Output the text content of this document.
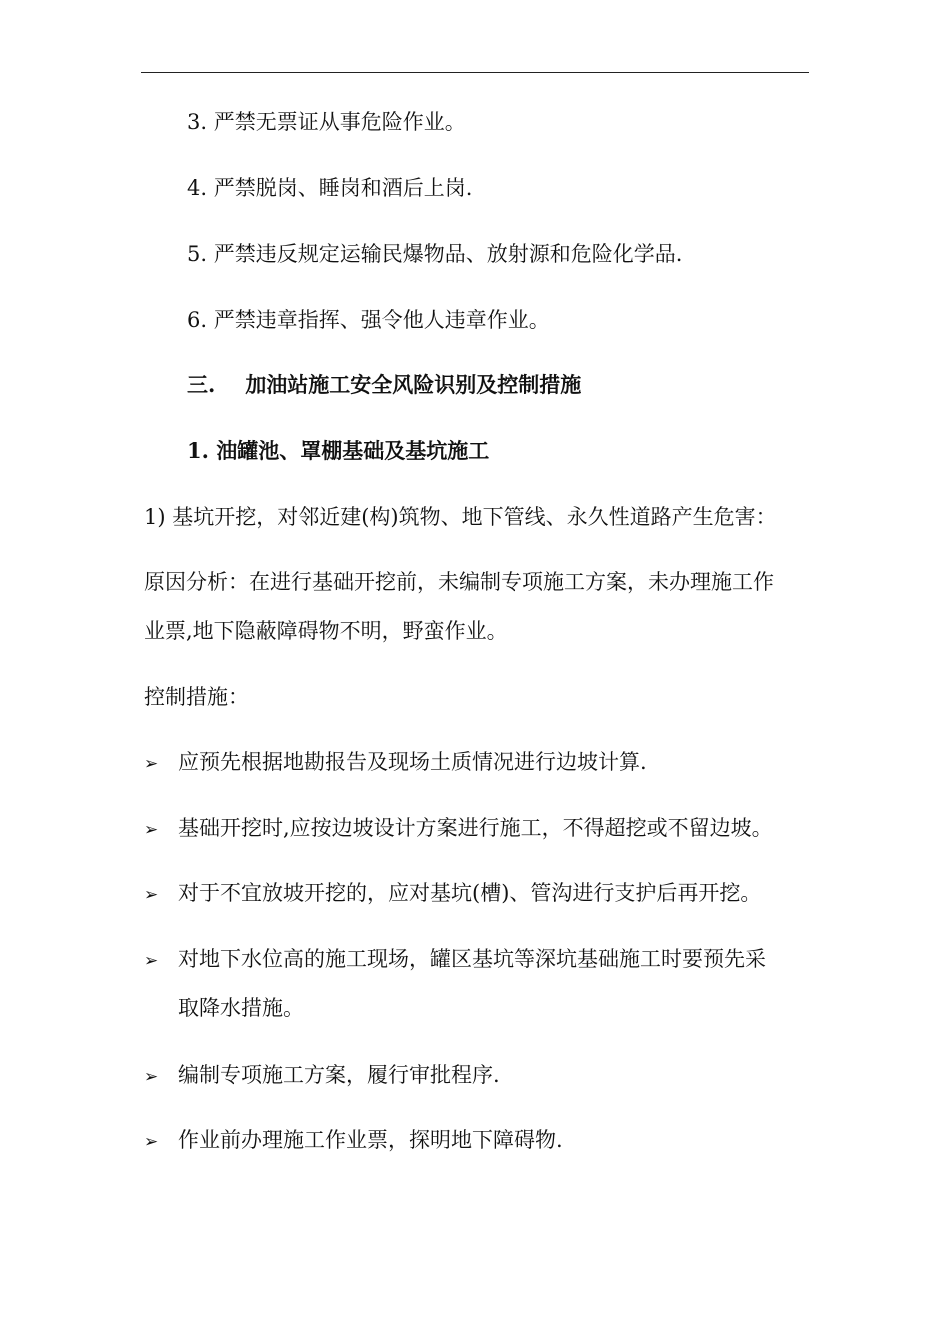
3. 严禁无票证从事危险作业。
4. 严禁脱岗、睡岗和酒后上岗.
5. 严禁违反规定运输民爆物品、放射源和危险化学品.
6. 严禁违章指挥、强令他人违章作业。
三. 加油站施工安全风险识别及控制措施
1. 油罐池、罩棚基础及基坑施工
1) 基坑开挖，对邻近建(构)筑物、地下管线、永久性道路产生危害：
原因分析：在进行基础开挖前，未编制专项施工方案，未办理施工作
业票,地下隐蔽障碍物不明，野蛮作业。
控制措施：
➢ 应预先根据地勘报告及现场土质情况进行边坡计算.
➢ 基础开挖时,应按边坡设计方案进行施工，不得超挖或不留边坡。
➢ 对于不宜放坡开挖的，应对基坑(槽)、管沟进行支护后再开挖。
➢ 对地下水位高的施工现场，罐区基坑等深坑基础施工时要预先采
取降水措施。
➢ 编制专项施工方案，履行审批程序.
➢ 作业前办理施工作业票，探明地下障碍物.
